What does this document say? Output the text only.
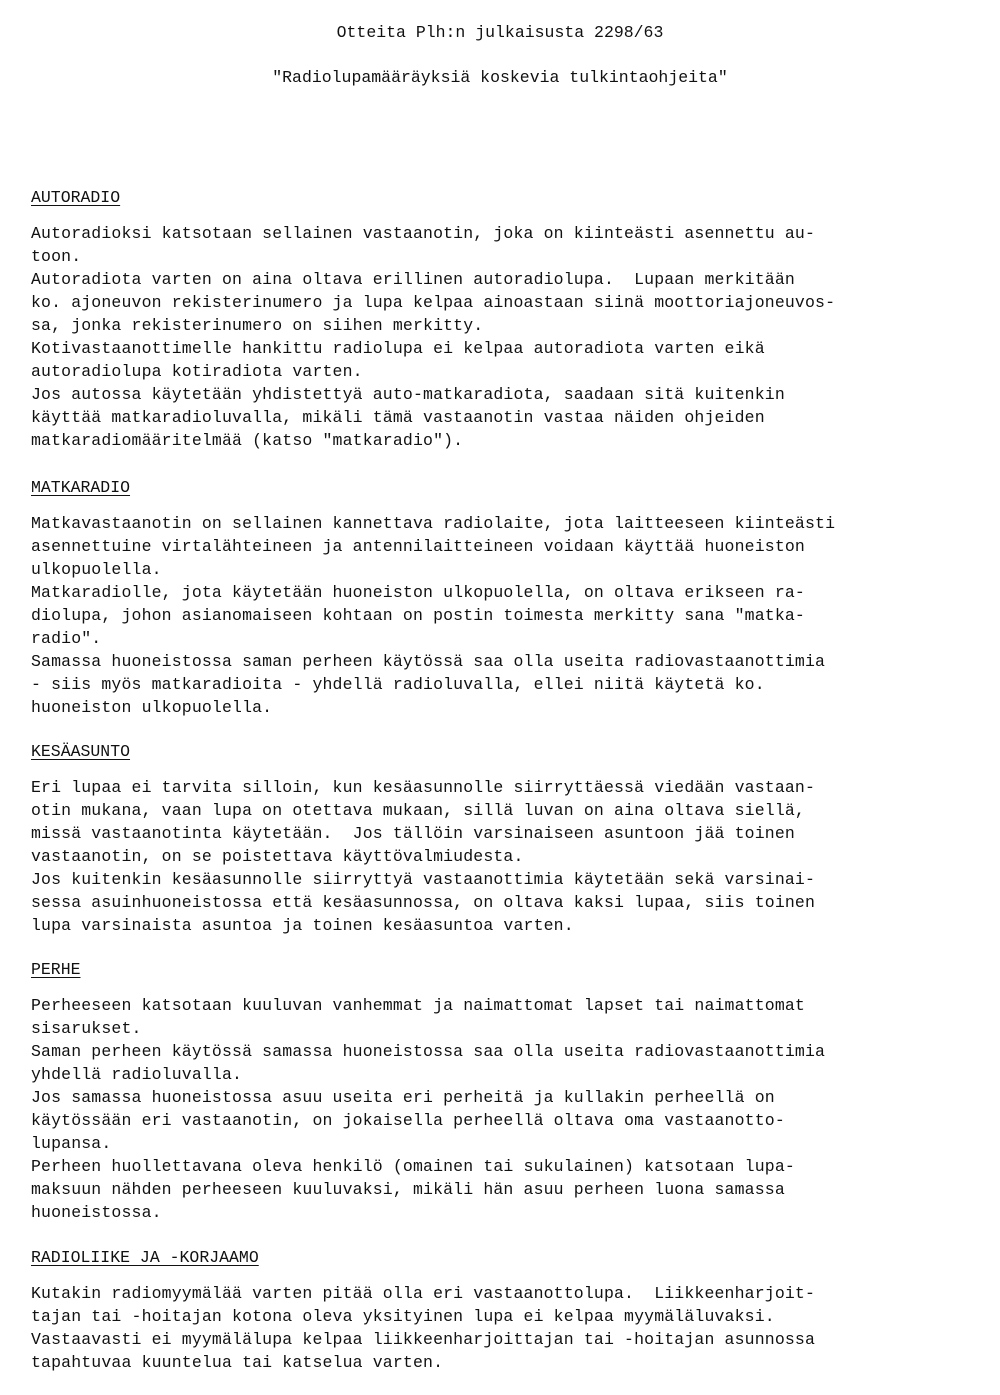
Otteita Plh:n julkaisusta 2298/63

"Radiolupamääräyksiä koskevia tulkintaohjeita"

AUTORADIO

Autoradioksi katsotaan sellainen vastaanotin, joka on kiinteästi asennettu au-

toon.

Autoradiota varten on aina oltava erillinen autoradiolupa.  Lupaan merkitään

ko. ajoneuvon rekisterinumero ja lupa kelpaa ainoastaan siinä moottoriajoneuvos-

sa, jonka rekisterinumero on siihen merkitty.

Kotivastaanottimelle hankittu radiolupa ei kelpaa autoradiota varten eikä

autoradiolupa kotiradiota varten.

Jos autossa käytetään yhdistettyä auto-matkaradiota, saadaan sitä kuitenkin

käyttää matkaradioluvalla, mikäli tämä vastaanotin vastaa näiden ohjeiden

matkaradiomääritelmää (katso "matkaradio").

MATKARADIO

Matkavastaanotin on sellainen kannettava radiolaite, jota laitteeseen kiinteästi

asennettuine virtalähteineen ja antennilaitteineen voidaan käyttää huoneiston

ulkopuolella.

Matkaradiolle, jota käytetään huoneiston ulkopuolella, on oltava erikseen ra-

diolupa, johon asianomaiseen kohtaan on postin toimesta merkitty sana "matka-

radio".

Samassa huoneistossa saman perheen käytössä saa olla useita radiovastaanottimia

- siis myös matkaradioita - yhdellä radioluvalla, ellei niitä käytetä ko.

huoneiston ulkopuolella.

KESÄASUNTO

Eri lupaa ei tarvita silloin, kun kesäasunnolle siirryttäessä viedään vastaan-

otin mukana, vaan lupa on otettava mukaan, sillä luvan on aina oltava siellä,

missä vastaanotinta käytetään.  Jos tällöin varsinaiseen asuntoon jää toinen

vastaanotin, on se poistettava käyttövalmiudesta.

Jos kuitenkin kesäasunnolle siirryttyä vastaanottimia käytetään sekä varsinai-

sessa asuinhuoneistossa että kesäasunnossa, on oltava kaksi lupaa, siis toinen

lupa varsinaista asuntoa ja toinen kesäasuntoa varten.

PERHE

Perheeseen katsotaan kuuluvan vanhemmat ja naimattomat lapset tai naimattomat

sisarukset.

Saman perheen käytössä samassa huoneistossa saa olla useita radiovastaanottimia

yhdellä radioluvalla.

Jos samassa huoneistossa asuu useita eri perheitä ja kullakin perheellä on

käytössään eri vastaanotin, on jokaisella perheellä oltava oma vastaanotto-

lupansa.

Perheen huollettavana oleva henkilö (omainen tai sukulainen) katsotaan lupa-

maksuun nähden perheeseen kuuluvaksi, mikäli hän asuu perheen luona samassa

huoneistossa.

RADIOLIIKE JA -KORJAAMO

Kutakin radiomyymälää varten pitää olla eri vastaanottolupa.  Liikkeenharjoit-

tajan tai -hoitajan kotona oleva yksityinen lupa ei kelpaa myymäläluvaksi.

Vastaavasti ei myymälälupa kelpaa liikkeenharjoittajan tai -hoitajan asunnossa

tapahtuvaa kuuntelua tai katselua varten.
